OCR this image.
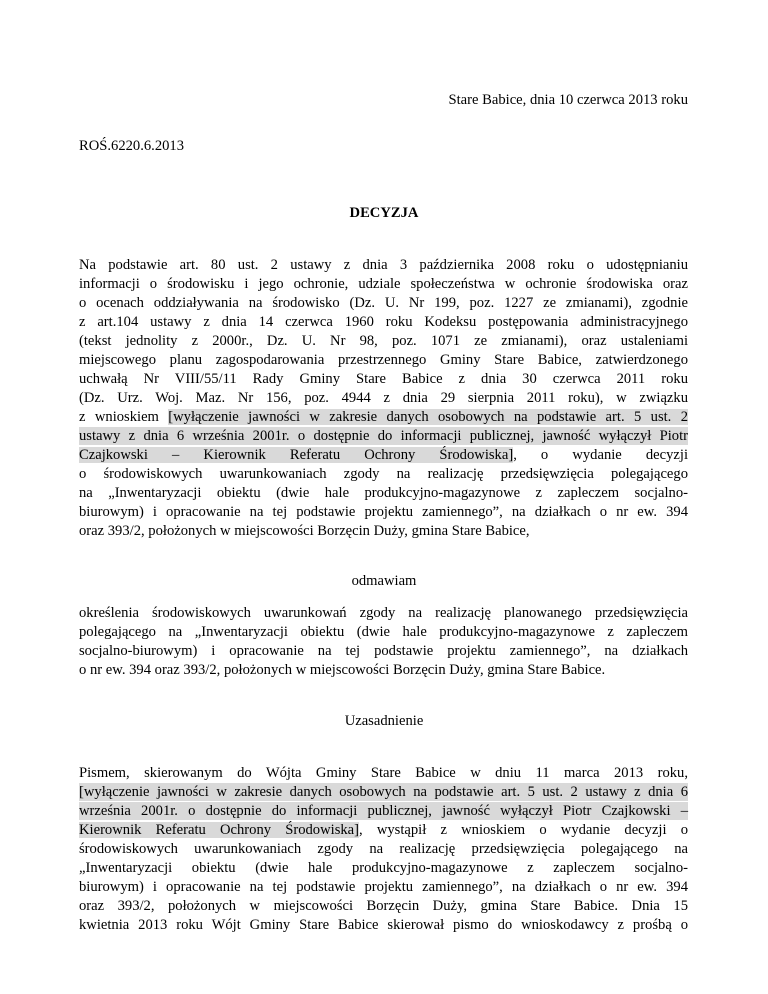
Stare Babice, dnia 10 czerwca 2013 roku
ROŚ.6220.6.2013
DECYZJA
Na podstawie art. 80 ust. 2 ustawy z dnia 3 października 2008 roku o udostępnianiu
informacji o środowisku i jego ochronie, udziale społeczeństwa w ochronie środowiska oraz
o ocenach oddziaływania na środowisko (Dz. U. Nr 199, poz. 1227 ze zmianami), zgodnie
z art.104 ustawy z dnia 14 czerwca 1960 roku Kodeksu postępowania administracyjnego
(tekst jednolity z 2000r., Dz. U. Nr 98, poz. 1071 ze zmianami), oraz ustaleniami
miejscowego planu zagospodarowania przestrzennego Gminy Stare Babice, zatwierdzonego
uchwałą Nr VIII/55/11 Rady Gminy Stare Babice z dnia 30 czerwca 2011 roku
(Dz. Urz. Woj. Maz. Nr 156, poz. 4944 z dnia 29 sierpnia 2011 roku), w związku
z wnioskiem [wyłączenie jawności w zakresie danych osobowych na podstawie art. 5 ust. 2
ustawy z dnia 6 września 2001r. o dostępnie do informacji publicznej, jawność wyłączył Piotr
Czajkowski – Kierownik Referatu Ochrony Środowiska], o wydanie decyzji
o środowiskowych uwarunkowaniach zgody na realizację przedsięwzięcia polegającego
na „Inwentaryzacji obiektu (dwie hale produkcyjno-magazynowe z zapleczem socjalno-
biurowym) i opracowanie na tej podstawie projektu zamiennego”, na działkach o nr ew. 394
oraz 393/2, położonych w miejscowości Borzęcin Duży, gmina Stare Babice,
odmawiam
określenia środowiskowych uwarunkowań zgody na realizację planowanego przedsięwzięcia
polegającego na „Inwentaryzacji obiektu (dwie hale produkcyjno-magazynowe z zapleczem
socjalno-biurowym) i opracowanie na tej podstawie projektu zamiennego”, na działkach
o nr ew. 394 oraz 393/2, położonych w miejscowości Borzęcin Duży, gmina Stare Babice.
Uzasadnienie
Pismem, skierowanym do Wójta Gminy Stare Babice w dniu 11 marca 2013 roku,
[wyłączenie jawności w zakresie danych osobowych na podstawie art. 5 ust. 2 ustawy z dnia 6
września 2001r. o dostępnie do informacji publicznej, jawność wyłączył Piotr Czajkowski –
Kierownik Referatu Ochrony Środowiska], wystąpił z wnioskiem o wydanie decyzji o
środowiskowych uwarunkowaniach zgody na realizację przedsięwzięcia polegającego na
„Inwentaryzacji obiektu (dwie hale produkcyjno-magazynowe z zapleczem socjalno-
biurowym) i opracowanie na tej podstawie projektu zamiennego”, na działkach o nr ew. 394
oraz 393/2, położonych w miejscowości Borzęcin Duży, gmina Stare Babice. Dnia 15
kwietnia 2013 roku Wójt Gminy Stare Babice skierował pismo do wnioskodawcy z prośbą o
